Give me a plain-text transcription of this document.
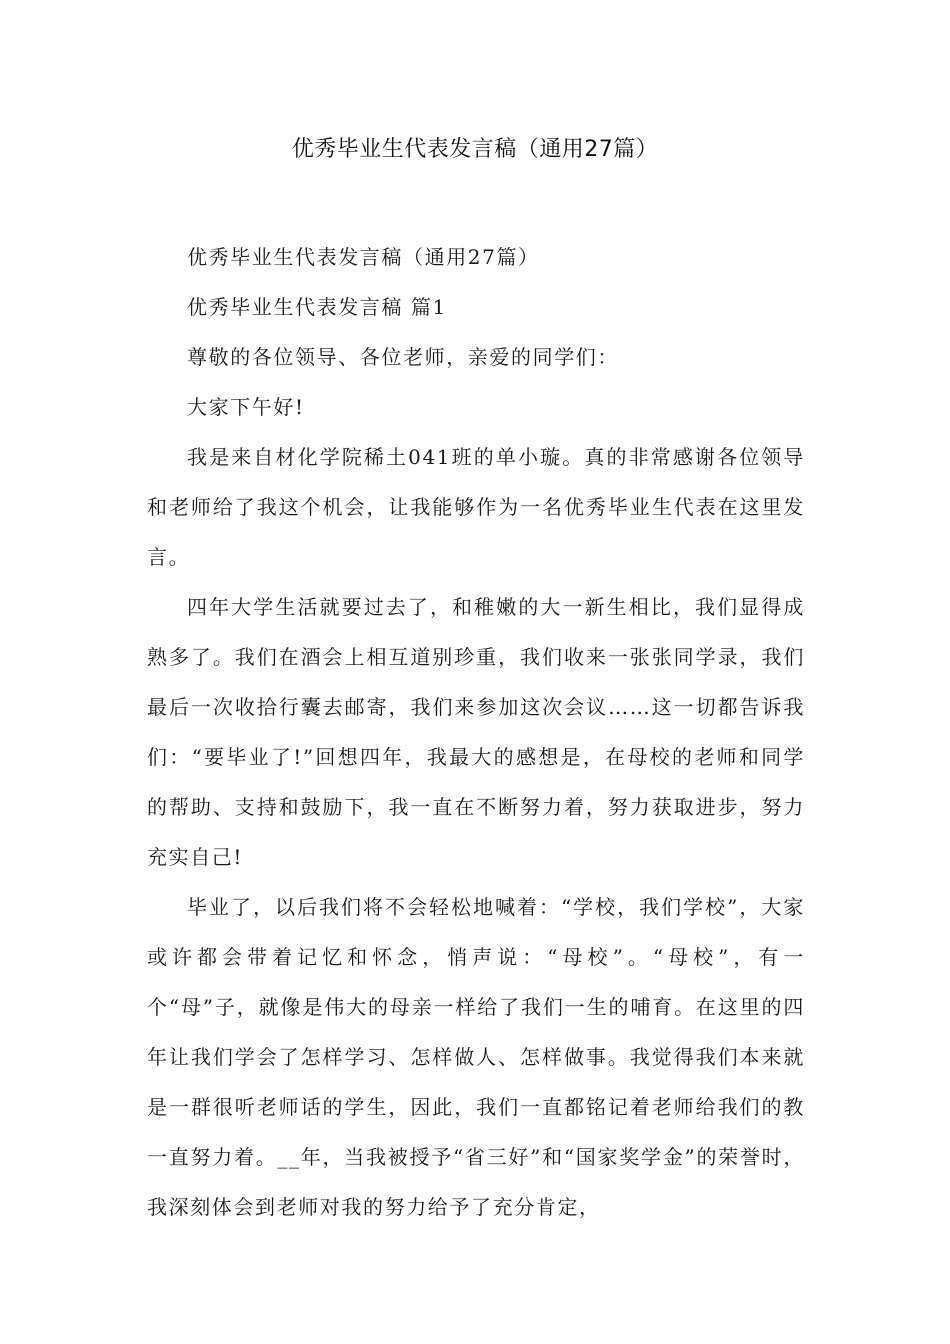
优秀毕业生代表发言稿（通用27篇）

优秀毕业生代表发言稿（通用27篇）

优秀毕业生代表发言稿 篇1

尊敬的各位领导、各位老师，亲爱的同学们：

大家下午好!

我是来自材化学院稀土041班的单小璇。真的非常感谢各位领导和老师给了我这个机会，让我能够作为一名优秀毕业生代表在这里发言。

四年大学生活就要过去了，和稚嫩的大一新生相比，我们显得成熟多了。我们在酒会上相互道别珍重，我们收来一张张同学录，我们最后一次收拾行囊去邮寄，我们来参加这次会议……这一切都告诉我们：“要毕业了!”回想四年，我最大的感想是，在母校的老师和同学的帮助、支持和鼓励下，我一直在不断努力着，努力获取进步，努力充实自己!

毕业了，以后我们将不会轻松地喊着：“学校，我们学校”，大家或许都会带着记忆和怀念，悄声说：“母校”。“母校”，有一个“母”子，就像是伟大的母亲一样给了我们一生的哺育。在这里的四年让我们学会了怎样学习、怎样做人、怎样做事。我觉得我们本来就是一群很听老师话的学生，因此，我们一直都铭记着老师给我们的教一直努力着。__年，当我被授予“省三好”和“国家奖学金”的荣誉时，我深刻体会到老师对我的努力给予了充分肯定，
